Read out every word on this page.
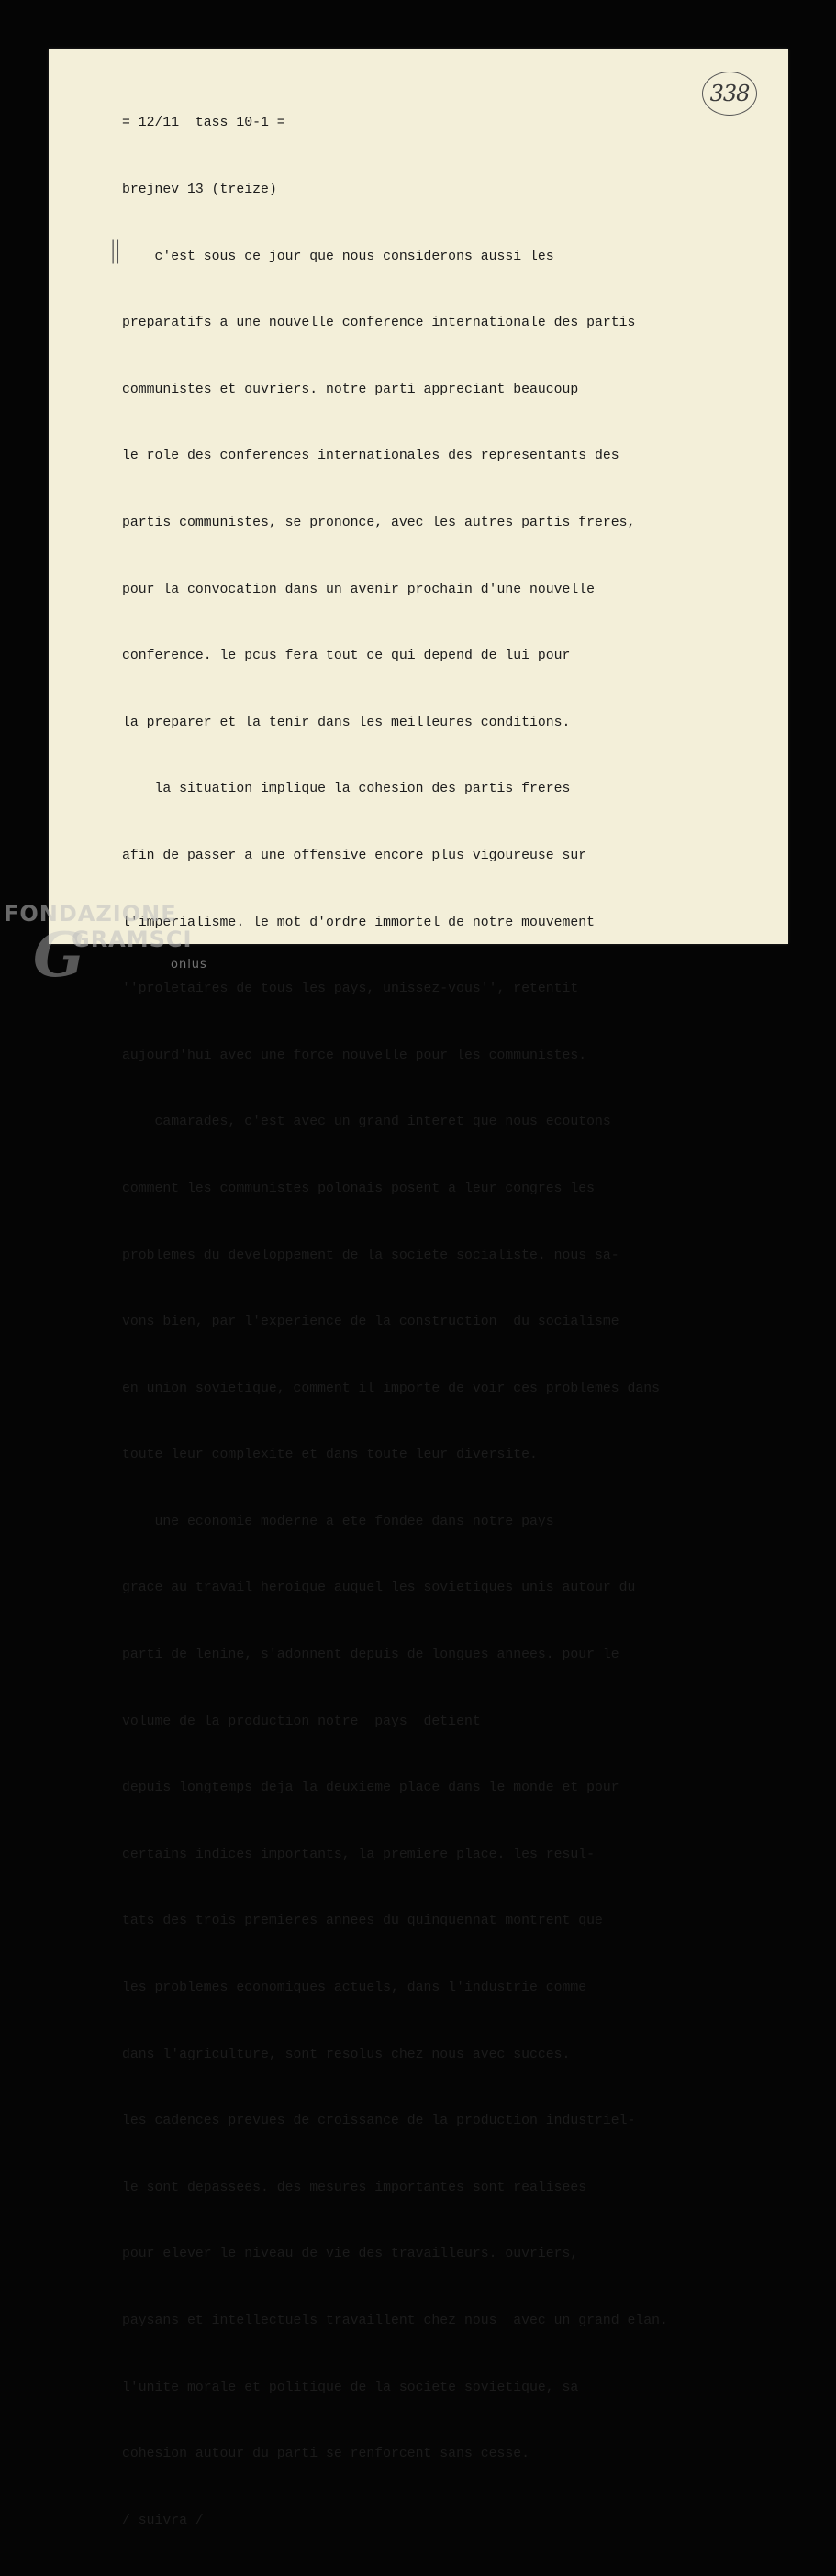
338
||

= 12/11  tass 10-1 =

brejnev 13 (treize)

c'est sous ce jour que nous considerons aussi les

preparatifs a une nouvelle conference internationale des partis

communistes et ouvriers. notre parti appreciant beaucoup

le role des conferences internationales des representants des

partis communistes, se prononce, avec les autres partis freres,

pour la convocation dans un avenir prochain d'une nouvelle

conference. le pcus fera tout ce qui depend de lui pour

la preparer et la tenir dans les meilleures conditions.

la situation implique la cohesion des partis freres

afin de passer a une offensive encore plus vigoureuse sur

l'imperialisme. le mot d'ordre immortel de notre mouvement

''proletaires de tous les pays, unissez-vous'', retentit

aujourd'hui avec une force nouvelle pour les communistes.

camarades, c'est avec un grand interet que nous ecoutons

comment les communistes polonais posent a leur congres les

problemes du developpement de la societe socialiste. nous sa-

vons bien, par l'experience de la construction  du socialisme

en union sovietique, comment il importe de voir ces problemes dans

toute leur complexite et dans toute leur diversite.

une economie moderne a ete fondee dans notre pays

grace au travail heroique auquel les sovietiques unis autour du

parti de lenine, s'adonnent depuis de longues annees. pour le

volume de la production notre  pays  detient

depuis longtemps deja la deuxieme place dans le monde et pour

certains indices importants, la premiere place. les resul-

tats des trois premieres annees du quinquennat montrent que

les problemes economiques actuels, dans l'industrie comme

dans l'agriculture, sont resolus chez nous avec succes.

les cadences prevues de croissance de la production industriel-

le sont depassees. des mesures importantes sont realisees

pour elever le niveau de vie des travailleurs. ouvriers,

paysans et intellectuels travaillent chez nous  avec un grand elan.

l'unite morale et politique de la societe sovietique, sa

cohesion autour du parti se renforcent sans cesse.

/ suivra /

G
FONDAZIONE
GRAMSCI
onlus
